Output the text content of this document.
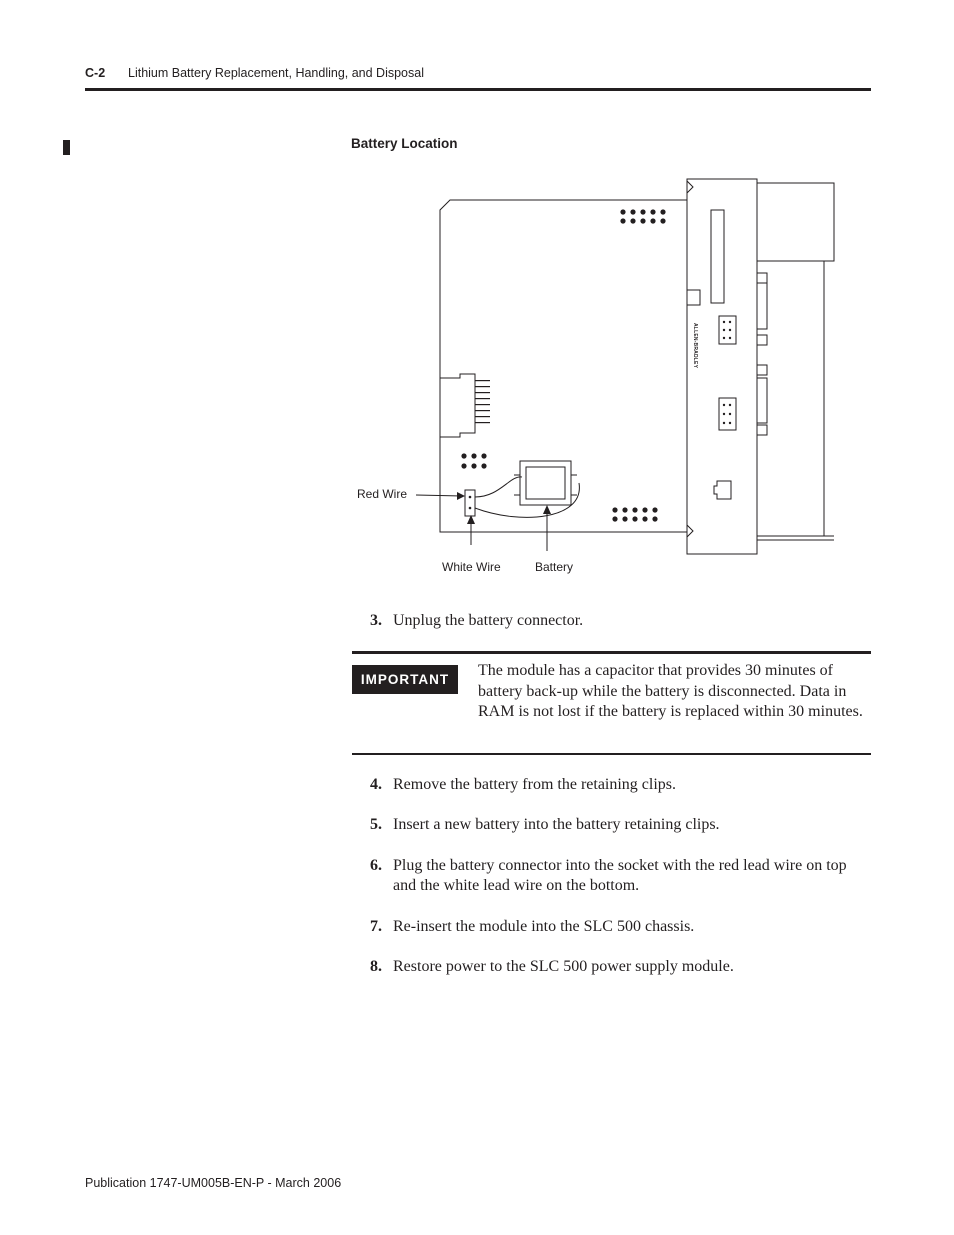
C-2 Lithium Battery Replacement, Handling, and Disposal
Battery Location
ALLEN-BRADLEY
Red Wire
White Wire	Battery
3. Unplug the battery connector.
IMPORTANT
The module has a capacitor that provides 30 minutes of battery back-up while the battery is disconnected. Data in RAM is not lost if the battery is replaced within 30 minutes.
4. Remove the battery from the retaining clips.
5. Insert a new battery into the battery retaining clips.
6. Plug the battery connector into the socket with the red lead wire on top and the white lead wire on the bottom.
7. Re-insert the module into the SLC 500 chassis.
8. Restore power to the SLC 500 power supply module.
Publication 1747-UM005B-EN-P - March 2006
